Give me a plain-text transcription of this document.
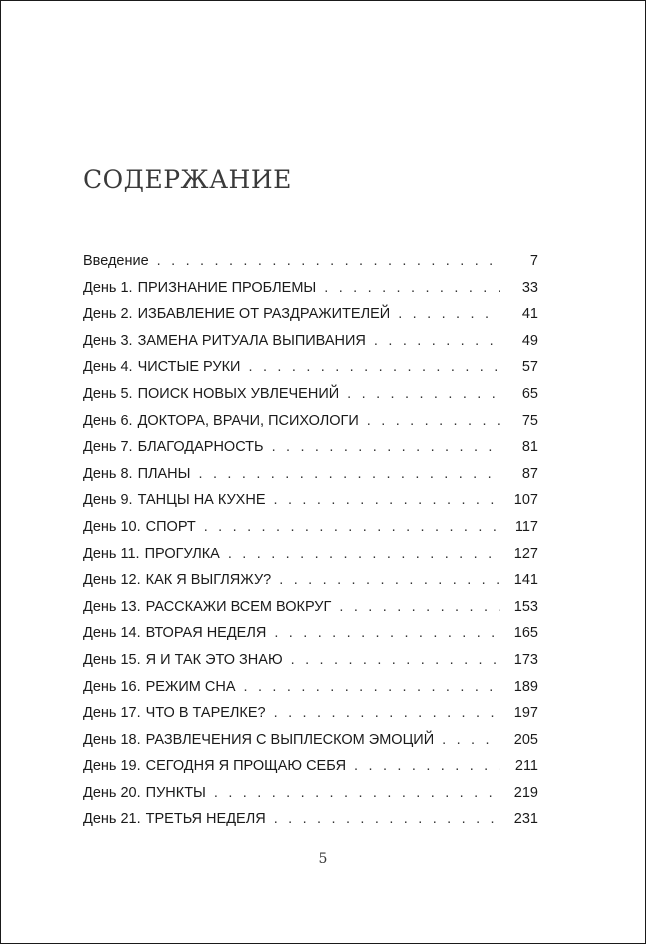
СОДЕРЖАНИЕ
Введение . . .	7
День 1. ПРИЗНАНИЕ ПРОБЛЕМЫ . . .	33
День 2. ИЗБАВЛЕНИЕ ОТ РАЗДРАЖИТЕЛЕЙ . . .	41
День 3. ЗАМЕНА РИТУАЛА ВЫПИВАНИЯ . . .	49
День 4. ЧИСТЫЕ РУКИ . . .	57
День 5. ПОИСК НОВЫХ УВЛЕЧЕНИЙ . . .	65
День 6. ДОКТОРА, ВРАЧИ, ПСИХОЛОГИ . . .	75
День 7. БЛАГОДАРНОСТЬ . . .	81
День 8. ПЛАНЫ . . .	87
День 9. ТАНЦЫ НА КУХНЕ . . .	107
День 10. СПОРТ . . .	117
День 11. ПРОГУЛКА . . .	127
День 12. КАК Я ВЫГЛЯЖУ? . . .	141
День 13. РАССКАЖИ ВСЕМ ВОКРУГ . . .	153
День 14. ВТОРАЯ НЕДЕЛЯ . . .	165
День 15. Я И ТАК ЭТО ЗНАЮ . . .	173
День 16. РЕЖИМ СНА . . .	189
День 17. ЧТО В ТАРЕЛКЕ? . . .	197
День 18. РАЗВЛЕЧЕНИЯ С ВЫПЛЕСКОМ ЭМОЦИЙ . . .	205
День 19. СЕГОДНЯ Я ПРОЩАЮ СЕБЯ . . .	211
День 20. ПУНКТЫ . . .	219
День 21. ТРЕТЬЯ НЕДЕЛЯ . . .	231
5
